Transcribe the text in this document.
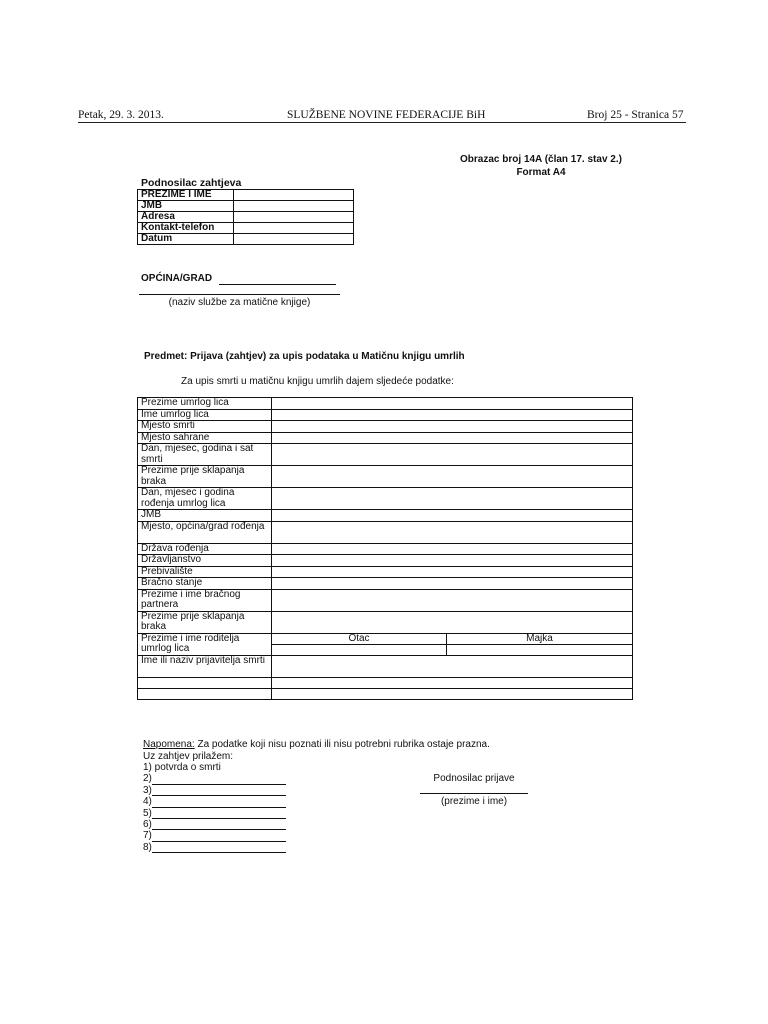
Petak, 29. 3. 2013.	SLUŽBENE NOVINE FEDERACIJE BiH	Broj 25 - Stranica 57
Obrazac broj 14A (član 17. stav 2.)
Format A4
Podnosilac zahtjeva
PREZIME I IME	
JMB	
Adresa	
Kontakt-telefon	
Datum	
OPĆINA/GRAD
(naziv službe za matične knjige)
Predmet: Prijava (zahtjev) za upis podataka u Matičnu knjigu umrlih
Za upis smrti u matičnu knjigu umrlih dajem sljedeće podatke:
Prezime umrlog lica		
Ime umrlog lica		
Mjesto smrti		
Mjesto sahrane		
Dan, mjesec, godina i sat smrti		
Prezime prije sklapanja braka		
Dan, mjesec i godina rođenja umrlog lica		
JMB		
Mjesto, općina/grad rođenja		
Država rođenja		
Državljanstvo		
Prebivalište		
Bračno stanje		
Prezime i ime bračnog partnera		
Prezime prije sklapanja braka		
Prezime i ime roditelja umrlog lica	Otac	Majka

Ime ili naziv prijavitelja smrti		

Napomena: Za podatke koji nisu poznati ili nisu potrebni rubrika ostaje prazna.
Uz zahtjev prilažem:
1) potvrda o smrti
2)
3)
4)
5)
6)
7)
8)
Podnosilac prijave
(prezime i ime)
